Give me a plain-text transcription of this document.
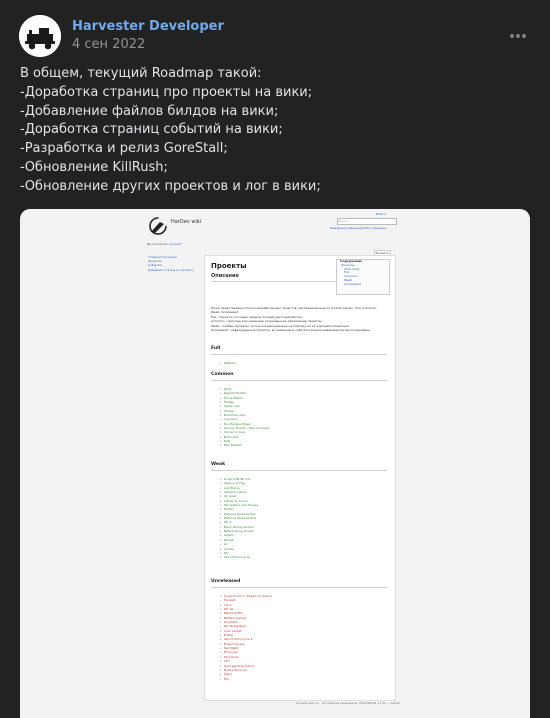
Harvester Developer
4 сен 2022
В общем, текущий Roadmap такой:
-Доработка страниц про проекты на вики;
-Добавление файлов билдов на вики;
-Доработка страниц событий на вики;
-Разработка и релиз GoreStall;
-Обновление KillRush;
-Обновление других проектов и лог в вики;
HarDev wiki
Войти
Поиск
Недавние изменения Все страницы
Вы посетили: projects
Главная страница
Проекты
События
Добавить статью по проекту
Править
Проекты
Описание
Содержание
Проекты
Описание
Full
Common
Weak
Unreleased
Ниже представлены списки разработанных проектов, распределенные по 4 категориям - Full, Common,
Weak, Unreleased.
Full - проекты, которые прошли полный цикл разработки.
Common - простые или имеющие сокращенную реализацию проекты.
Weak - Слабые проекты, но все же выпущенные на публику во их хорошей концепции.
Unreleased - невыпущенные проекты, во имеющие в себе блоки/заканчивавшиеся/и воспользованы.
Full
• KillRush
Common
• JShot
• Rebuild Hidden
• Stone Nation
• Hidden
• Camp Lost
• VCube
• Brainfuck-ulan
• Armor(s)
• Run Escape Power
• Gnome Hunter - zero hundred
• Clicker or Live
• Brain Out
• R2D
• Epic Defeat
Weak
• script II Mr/Mr bot
• Legacy of Fog
• unixToplus
• network.claims
• db_alive
• Clicker to Live 2
• Harvesters and Heroes
• Dollion
• Defence Episode Two
• Defence Episode One
• IPC 2
• Black Money Online
• Native Army Closed
• Golem
• Rempt
• ak
• mobile
• IPC
• Life of Omnicycle
Unreleased
• Convict Act 3 - Desert of raiders
• Harvest
• mind
• IPC 10
• Blackout/Tail
• MIMAj Survival
• GoreStall
• IPC Multiplayer
• Auto Clicker
• Prelfal
• Life of Omnicycle 2
• Project Guess
• Sad Night
• Ecouryue
• Kill Candy
• LIFT
• Gold seeding Online
• Notice Survival
• Klaxy
• Fity
projects.wiki.ru · Последнее изменение: 2022/08/04 11:32 — admin
